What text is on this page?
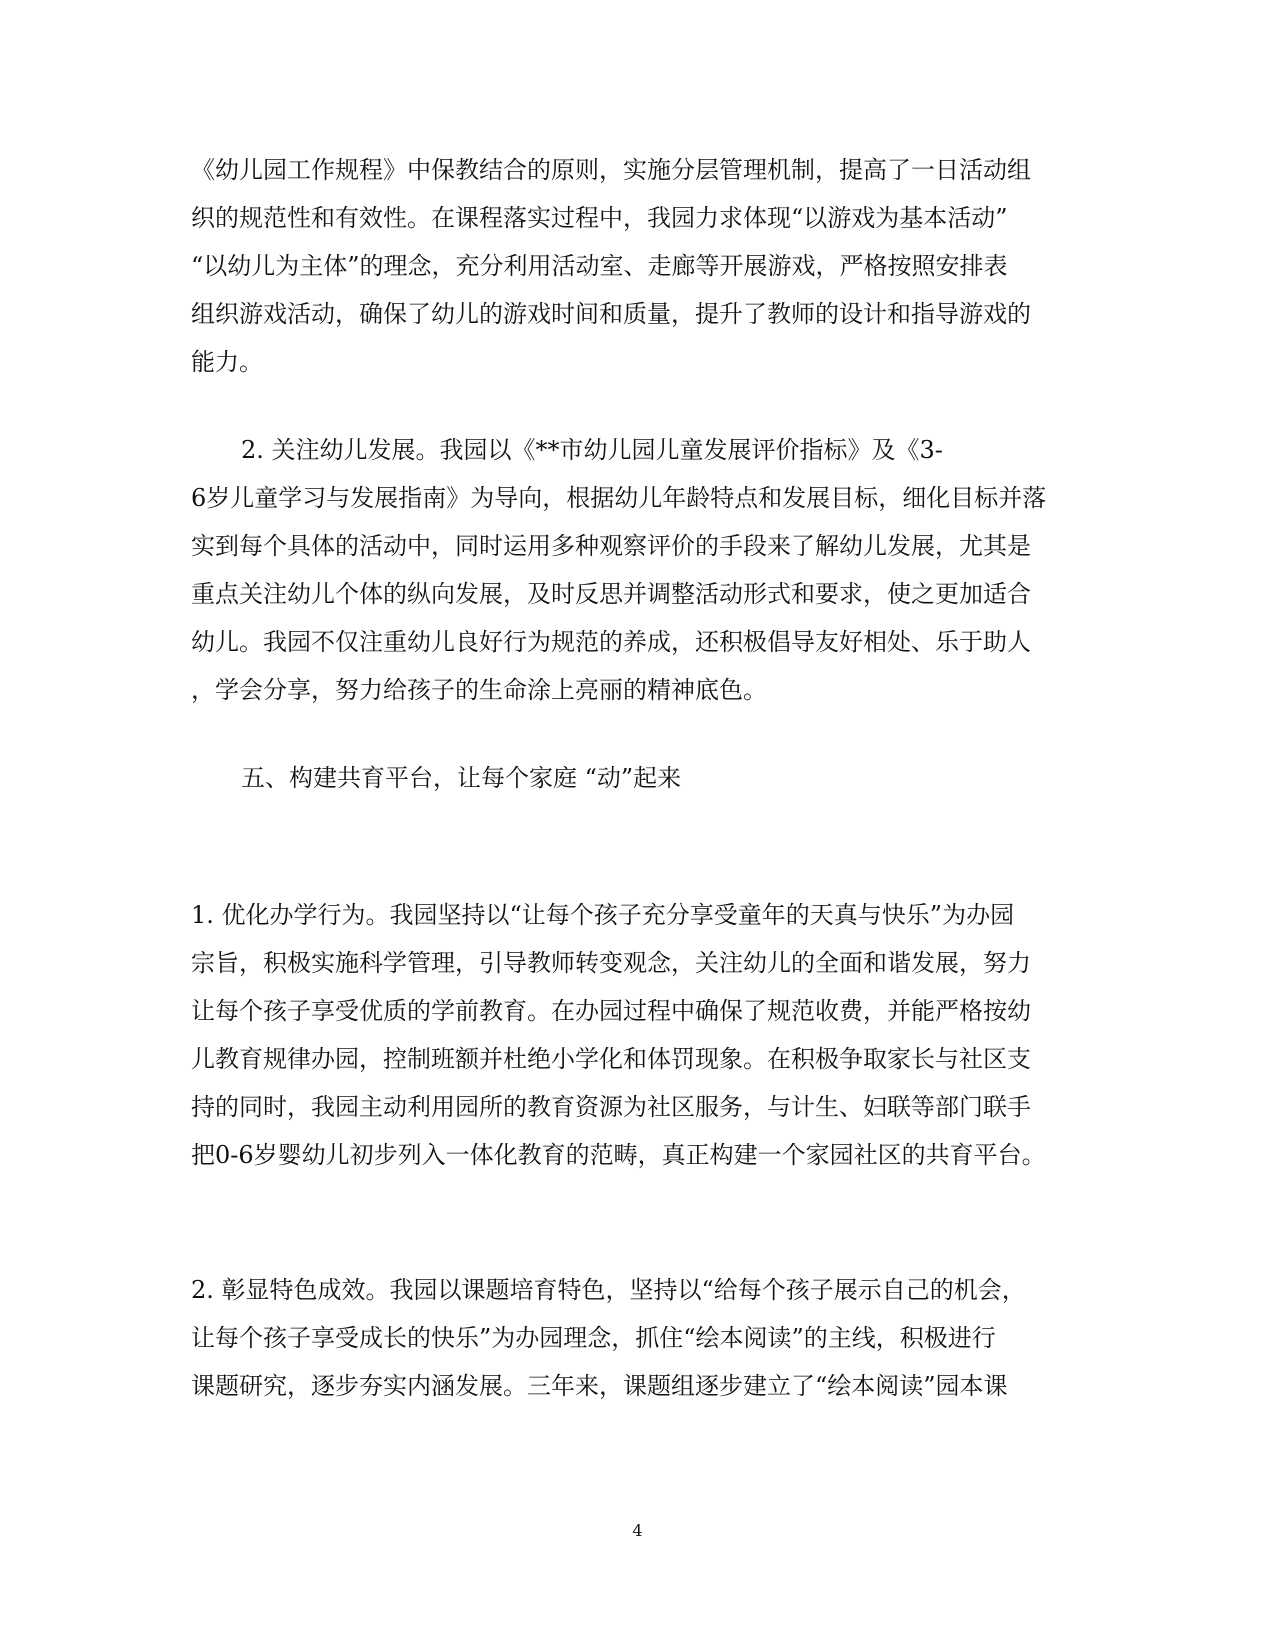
《幼儿园工作规程》中保教结合的原则，实施分层管理机制，提高了一日活动组
织的规范性和有效性。在课程落实过程中，我园力求体现“以游戏为基本活动”
“以幼儿为主体”的理念，充分利用活动室、走廊等开展游戏，严格按照安排表
组织游戏活动，确保了幼儿的游戏时间和质量，提升了教师的设计和指导游戏的
能力。
2. 关注幼儿发展。我园以《**市幼儿园儿童发展评价指标》及《3-
6岁儿童学习与发展指南》为导向，根据幼儿年龄特点和发展目标，细化目标并落
实到每个具体的活动中，同时运用多种观察评价的手段来了解幼儿发展，尤其是
重点关注幼儿个体的纵向发展，及时反思并调整活动形式和要求，使之更加适合
幼儿。我园不仅注重幼儿良好行为规范的养成，还积极倡导友好相处、乐于助人
，学会分享，努力给孩子的生命涂上亮丽的精神底色。
五、构建共育平台，让每个家庭 “动”起来
1. 优化办学行为。我园坚持以“让每个孩子充分享受童年的天真与快乐”为办园
宗旨，积极实施科学管理，引导教师转变观念，关注幼儿的全面和谐发展，努力
让每个孩子享受优质的学前教育。在办园过程中确保了规范收费，并能严格按幼
儿教育规律办园，控制班额并杜绝小学化和体罚现象。在积极争取家长与社区支
持的同时，我园主动利用园所的教育资源为社区服务，与计生、妇联等部门联手
把0-6岁婴幼儿初步列入一体化教育的范畴，真正构建一个家园社区的共育平台。
2. 彰显特色成效。我园以课题培育特色，坚持以“给每个孩子展示自己的机会，
让每个孩子享受成长的快乐”为办园理念，抓住“绘本阅读”的主线，积极进行
课题研究，逐步夯实内涵发展。三年来，课题组逐步建立了“绘本阅读”园本课
4
